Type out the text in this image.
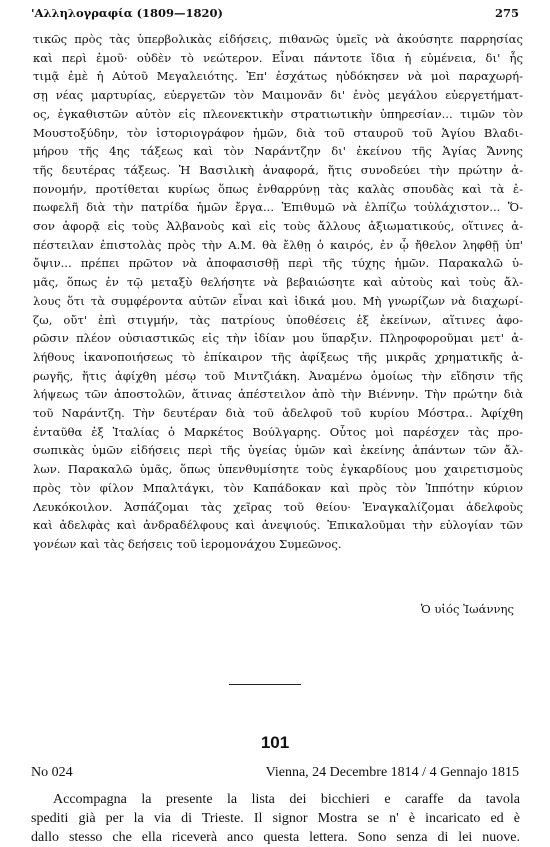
'Αλληλογραφία (1809—1820)	275
τικῶς πρὸς τὰς ὑπερβολικὰς εἰδήσεις, πιθανῶς ὑμεῖς νὰ ἀκούσητε παρρησίας
καὶ περὶ ἐμοῦ· οὐδὲν τὸ νεώτερον. Εἶναι πάντοτε ἴδια ἡ εὐμένεια, δι' ἧς
τιμᾷ ἐμὲ ἡ Αὐτοῦ Μεγαλειότης. Ἐπ' ἐσχάτως ηὐδόκησεν νὰ μοὶ παραχωρή-
σῃ νέας μαρτυρίας, εὐεργετῶν τὸν Μαιμονᾶν δι' ἑνὸς μεγάλου εὐεργετήματ-
ος, ἐγκαθιστῶν αὐτὸν εἰς πλεονεκτικὴν στρατιωτικὴν ὑπηρεσίαν... τιμῶν τὸν
Μουστοξύδην, τὸν ἱστοριογράφον ἡμῶν, διὰ τοῦ σταυροῦ τοῦ Ἁγίου Βλαδι-
μήρου τῆς 4ης τάξεως καὶ τὸν Ναράντζην δι' ἐκείνου τῆς Ἁγίας Ἄννης
τῆς δευτέρας τάξεως. Ἡ Βασιλικὴ ἀναφορά, ἥτις συνοδεύει τὴν πρώτην ἀ-
πονομήν, προτίθεται κυρίως ὅπως ἐνθαρρύνῃ τὰς καλὰς σπουδὰς καὶ τὰ ἐ-
πωφελῆ διὰ τὴν πατρίδα ἡμῶν ἔργα... Ἐπιθυμῶ νὰ ἐλπίζω τοὐλάχιστον... Ὅ-
σον ἀφορᾷ εἰς τοὺς Ἀλβανοὺς καὶ εἰς τοὺς ἄλλους ἀξιωματικούς, οἵτινες ἀ-
πέστειλαν ἐπιστολὰς πρὸς τὴν Α.Μ. θὰ ἔλθῃ ὁ καιρός, ἐν ᾧ ἤθελον ληφθῇ ὑπ'
ὄψιν... πρέπει πρῶτον νὰ ἀποφασισθῇ περὶ τῆς τύχης ἡμῶν. Παρακαλῶ ὑ-
μᾶς, ὅπως ἐν τῷ μεταξὺ θελήσητε νὰ βεβαιώσητε καὶ αὐτοὺς καὶ τοὺς ἄλ-
λους ὅτι τὰ συμφέροντα αὐτῶν εἶναι καὶ ἰδικά μου. Μὴ γνωρίζων νὰ διαχωρί-
ζω, οὔτ' ἐπὶ στιγμήν, τὰς πατρίους ὑποθέσεις ἐξ ἐκείνων, αἵτινες ἀφο-
ρῶσιν πλέον οὐσιαστικῶς εἰς τὴν ἰδίαν μου ὕπαρξιν. Πληροφοροῦμαι μετ' ἀ-
λήθους ἱκανοποιήσεως τὸ ἐπίκαιρον τῆς ἀφίξεως τῆς μικρᾶς χρηματικῆς ἀ-
ρωγῆς, ἥτις ἀφίχθη μέσῳ τοῦ Μιντζιάκη. Ἀναμένω ὁμοίως τὴν εἴδησιν τῆς
λήψεως τῶν ἀποστολῶν, ἅτινας ἀπέστειλον ἀπὸ τὴν Βιέννην. Τὴν πρώτην διὰ
τοῦ Ναράντζη. Τὴν δευτέραν διὰ τοῦ ἀδελφοῦ τοῦ κυρίου Μόστρα.. Ἀφίχθη
ἐνταῦθα ἐξ Ἰταλίας ὁ Μαρκέτος Βούλγαρης. Οὗτος μοὶ παρέσχεν τὰς προ-
σωπικὰς ὑμῶν εἰδήσεις περὶ τῆς ὑγείας ὑμῶν καὶ ἐκείνης ἁπάντων τῶν ἄλ-
λων. Παρακαλῶ ὑμᾶς, ὅπως ὑπενθυμίσητε τοὺς ἐγκαρδίους μου χαιρετισμοὺς
πρὸς τὸν φίλον Μπαλτάγκι, τὸν Καπάδοκαν καὶ πρὸς τὸν Ἱππότην κύριον
Λευκόκοιλον. Ἀσπάζομαι τὰς χεῖρας τοῦ θείου· Ἐναγκαλίζομαι ἀδελφοὺς
καὶ ἀδελφὰς καὶ ἀνδραδέλφους καὶ ἀνεψιούς. Ἐπικαλοῦμαι τὴν εὐλογίαν τῶν
γονέων καὶ τὰς δεήσεις τοῦ ἱερομονάχου Συμεῶνος.
Ὁ υἱός Ἰωάννης
101
No 024	Vienna, 24 Decembre 1814 / 4 Gennajo 1815
Accompagna la presente la lista dei bicchieri e caraffe da tavola
spediti già per la via di Trieste. Il signor Mostra se n' è incaricato ed è
dallo stesso che ella riceverà anco questa lettera. Sono senza di lei nuove.
